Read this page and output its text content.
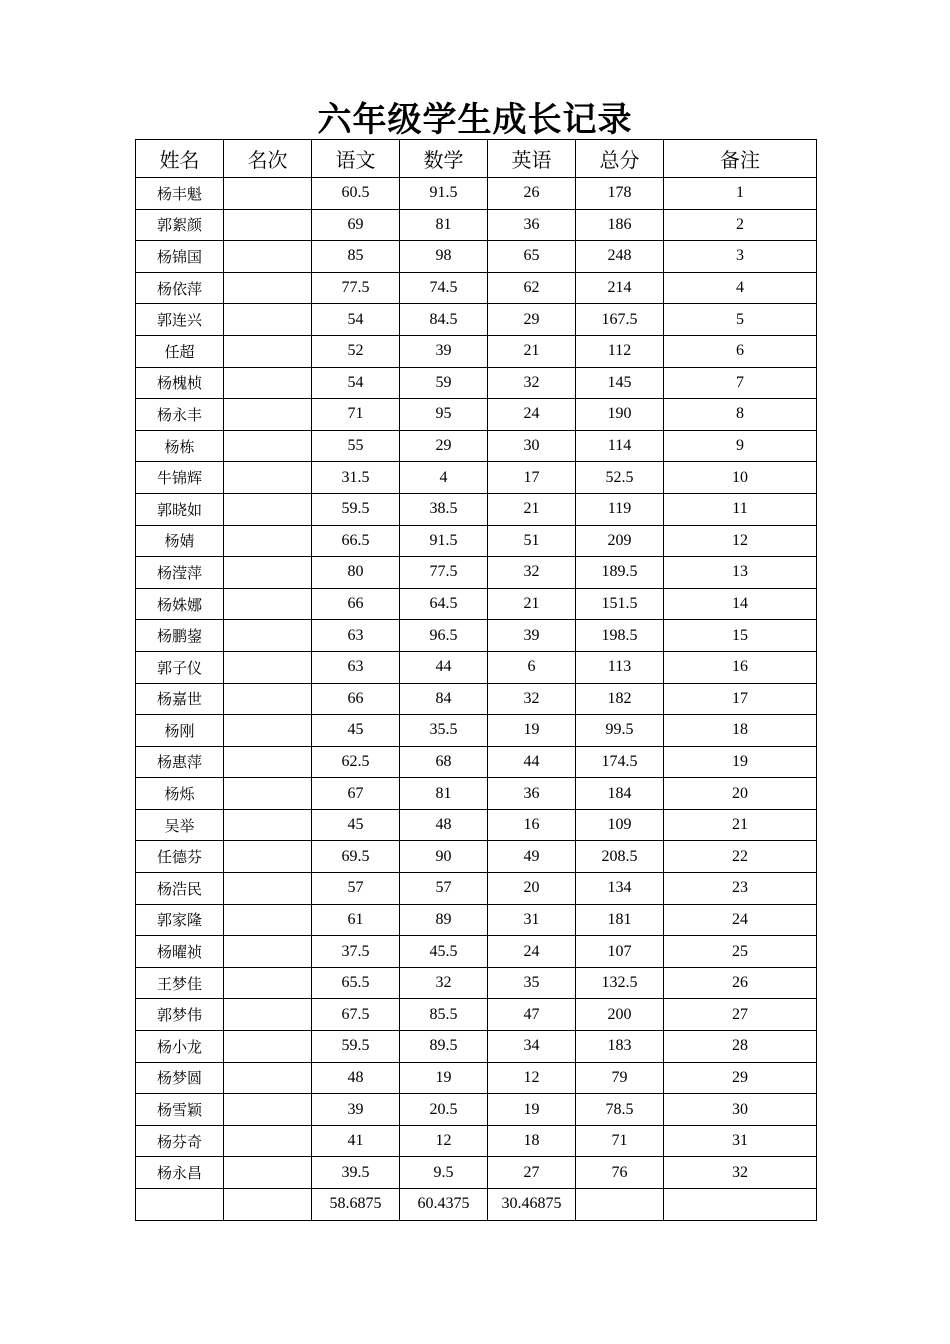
六年级学生成长记录
姓名	名次	语文	数学	英语	总分	备注
杨丰魁		60.5	91.5	26	178	1
郭絮颜		69	81	36	186	2
杨锦国		85	98	65	248	3
杨依萍		77.5	74.5	62	214	4
郭连兴		54	84.5	29	167.5	5
任超		52	39	21	112	6
杨槐桢		54	59	32	145	7
杨永丰		71	95	24	190	8
杨栋		55	29	30	114	9
牛锦辉		31.5	4	17	52.5	10
郭晓如		59.5	38.5	21	119	11
杨婧		66.5	91.5	51	209	12
杨滢萍		80	77.5	32	189.5	13
杨姝娜		66	64.5	21	151.5	14
杨鹏鋆		63	96.5	39	198.5	15
郭子仪		63	44	6	113	16
杨嘉世		66	84	32	182	17
杨刚		45	35.5	19	99.5	18
杨惠萍		62.5	68	44	174.5	19
杨烁		67	81	36	184	20
吴举		45	48	16	109	21
任德芬		69.5	90	49	208.5	22
杨浩民		57	57	20	134	23
郭家隆		61	89	31	181	24
杨曜祯		37.5	45.5	24	107	25
王梦佳		65.5	32	35	132.5	26
郭梦伟		67.5	85.5	47	200	27
杨小龙		59.5	89.5	34	183	28
杨梦圆		48	19	12	79	29
杨雪颖		39	20.5	19	78.5	30
杨芬奇		41	12	18	71	31
杨永昌		39.5	9.5	27	76	32
		58.6875	60.4375	30.46875		
